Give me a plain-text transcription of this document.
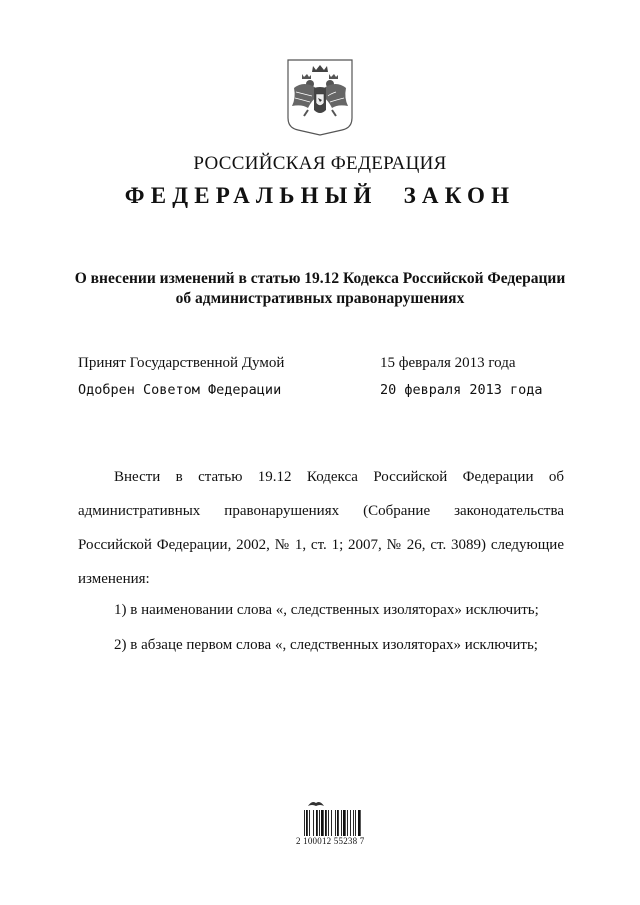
РОССИЙСКАЯ ФЕДЕРАЦИЯ
ФЕДЕРАЛЬНЫЙ ЗАКОН
О внесении изменений в статью 19.12 Кодекса Российской Федерации
об административных правонарушениях
Принят Государственной Думой	15 февраля 2013 года
Одобрен Советом Федерации	20 февраля 2013 года
Внести в статью 19.12 Кодекса Российской Федерации об административных правонарушениях (Собрание законодательства Российской Федерации, 2002, № 1, ст. 1; 2007, № 26, ст. 3089) следующие изменения:
1) в наименовании слова «, следственных изоляторах» исключить;
2) в абзаце первом слова «, следственных изоляторах» исключить;
2 100012 55238 7
